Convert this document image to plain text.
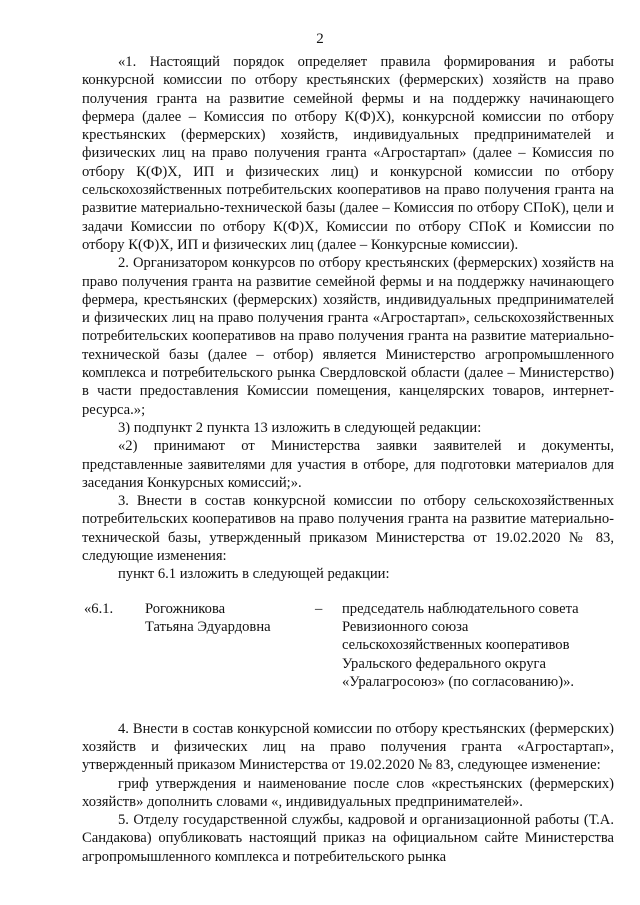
2

«1. Настоящий порядок определяет правила формирования и работы конкурсной комиссии по отбору крестьянских (фермерских) хозяйств на право получения гранта на развитие семейной фермы и на поддержку начинающего фермера (далее – Комиссия по отбору К(Ф)Х), конкурсной комиссии по отбору крестьянских (фермерских) хозяйств, индивидуальных предпринимателей и физических лиц на право получения гранта «Агростартап» (далее – Комиссия по отбору К(Ф)Х, ИП и физических лиц) и конкурсной комиссии по отбору сельскохозяйственных потребительских кооперативов на право получения гранта на развитие материально-технической базы (далее – Комиссия по отбору СПоК), цели и задачи Комиссии по отбору К(Ф)Х, Комиссии по отбору СПоК и Комиссии по отбору К(Ф)Х, ИП и физических лиц (далее – Конкурсные комиссии).

2. Организатором конкурсов по отбору крестьянских (фермерских) хозяйств на право получения гранта на развитие семейной фермы и на поддержку начинающего фермера, крестьянских (фермерских) хозяйств, индивидуальных предпринимателей и физических лиц на право получения гранта «Агростартап», сельскохозяйственных потребительских кооперативов на право получения гранта на развитие материально-технической базы (далее – отбор) является Министерство агропромышленного комплекса и потребительского рынка Свердловской области (далее – Министерство) в части предоставления Комиссии помещения, канцелярских товаров, интернет-ресурса.»;

3) подпункт 2 пункта 13 изложить в следующей редакции:

«2) принимают от Министерства заявки заявителей и документы, представленные заявителями для участия в отборе, для подготовки материалов для заседания Конкурсных комиссий;».

3. Внести в состав конкурсной комиссии по отбору сельскохозяйственных потребительских кооперативов на право получения гранта на развитие материально-технической базы, утвержденный приказом Министерства от 19.02.2020 № 83, следующие изменения:

пункт 6.1 изложить в следующей редакции:

«6.1. Рогожникова
Татьяна Эдуардовна
– председатель наблюдательного совета
Ревизионного союза
сельскохозяйственных кооперативов
Уральского федерального округа
«Уралагросоюз» (по согласованию)».

4. Внести в состав конкурсной комиссии по отбору крестьянских (фермерских) хозяйств и физических лиц на право получения гранта «Агростартап», утвержденный приказом Министерства от 19.02.2020 № 83, следующее изменение:

гриф утверждения и наименование после слов «крестьянских (фермерских) хозяйств» дополнить словами «, индивидуальных предпринимателей».

5. Отделу государственной службы, кадровой и организационной работы (Т.А. Сандакова) опубликовать настоящий приказ на официальном сайте Министерства агропромышленного комплекса и потребительского рынка
